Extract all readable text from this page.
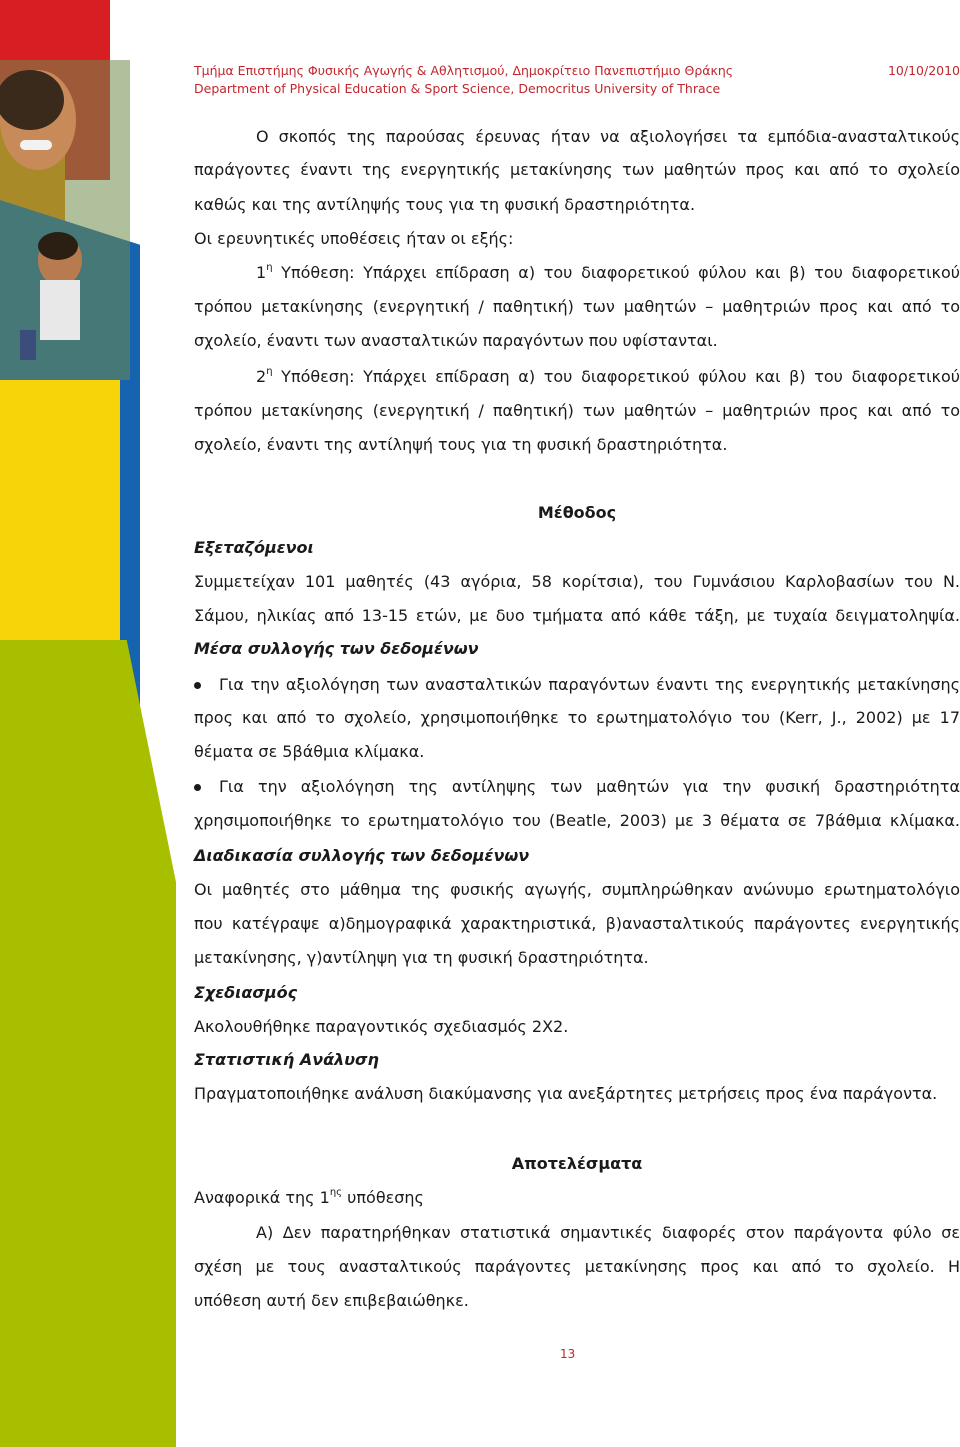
Τμήμα Επιστήμης Φυσικής Αγωγής & Αθλητισμού, Δημοκρίτειο Πανεπιστήμιο Θράκης
Department of Physical Education & Sport Science, Democritus University of Thrace
10/10/2010
Ο σκοπός της παρούσας έρευνας ήταν να αξιολογήσει τα εμπόδια-ανασταλτικούς
παράγοντες έναντι της ενεργητικής μετακίνησης των μαθητών προς και από το σχολείο
καθώς και της αντίληψής τους για τη φυσική δραστηριότητα.
Οι ερευνητικές υποθέσεις ήταν οι εξής:
$1^\eta$ Υπόθεση: Υπάρχει επίδραση α) του διαφορετικού φύλου και β) του διαφορετικού
τρόπου μετακίνησης (ενεργητική / παθητική) των μαθητών – μαθητριών προς και από το
σχολείο, έναντι των ανασταλτικών παραγόντων που υφίστανται.
$2^\eta$ Υπόθεση: Υπάρχει επίδραση α) του διαφορετικού φύλου και β) του διαφορετικού
τρόπου μετακίνησης (ενεργητική / παθητική) των μαθητών – μαθητριών προς και από το
σχολείο, έναντι της αντίληψή τους για τη φυσική δραστηριότητα.
Μέθοδος
Εξεταζόμενοι
Συμμετείχαν 101 μαθητές (43 αγόρια, 58 κορίτσια), του Γυμνάσιου Καρλοβασίων του Ν.
Σάμου, ηλικίας από 13-15 ετών, με δυο τμήματα από κάθε τάξη, με τυχαία δειγματοληψία.
Μέσα συλλογής των δεδομένων
Για την αξιολόγηση των ανασταλτικών παραγόντων έναντι της ενεργητικής μετακίνησης
προς και από το σχολείο, χρησιμοποιήθηκε το ερωτηματολόγιο του (Kerr, J., 2002) με 17
θέματα σε 5βάθμια κλίμακα.
Για την αξιολόγηση της αντίληψης των μαθητών για την φυσική δραστηριότητα
χρησιμοποιήθηκε το ερωτηματολόγιο του (Beatle, 2003) με 3 θέματα σε 7βάθμια κλίμακα.
Διαδικασία συλλογής των δεδομένων
Οι μαθητές στο μάθημα της φυσικής αγωγής, συμπληρώθηκαν ανώνυμο ερωτηματολόγιο
που κατέγραψε α)δημογραφικά χαρακτηριστικά, β)ανασταλτικούς παράγοντες ενεργητικής
μετακίνησης, γ)αντίληψη για τη φυσική δραστηριότητα.
Σχεδιασμός
Ακολουθήθηκε παραγοντικός σχεδιασμός 2Χ2.
Στατιστική Ανάλυση
Πραγματοποιήθηκε ανάλυση διακύμανσης για ανεξάρτητες μετρήσεις προς ένα παράγοντα.
Αποτελέσματα
Αναφορικά της $1^{\eta\varsigma}$ υπόθεσης
Α) Δεν παρατηρήθηκαν στατιστικά σημαντικές διαφορές στον παράγοντα φύλο σε
σχέση με τους ανασταλτικούς παράγοντες μετακίνησης προς και από το σχολείο. Η
υπόθεση αυτή δεν επιβεβαιώθηκε.
13
